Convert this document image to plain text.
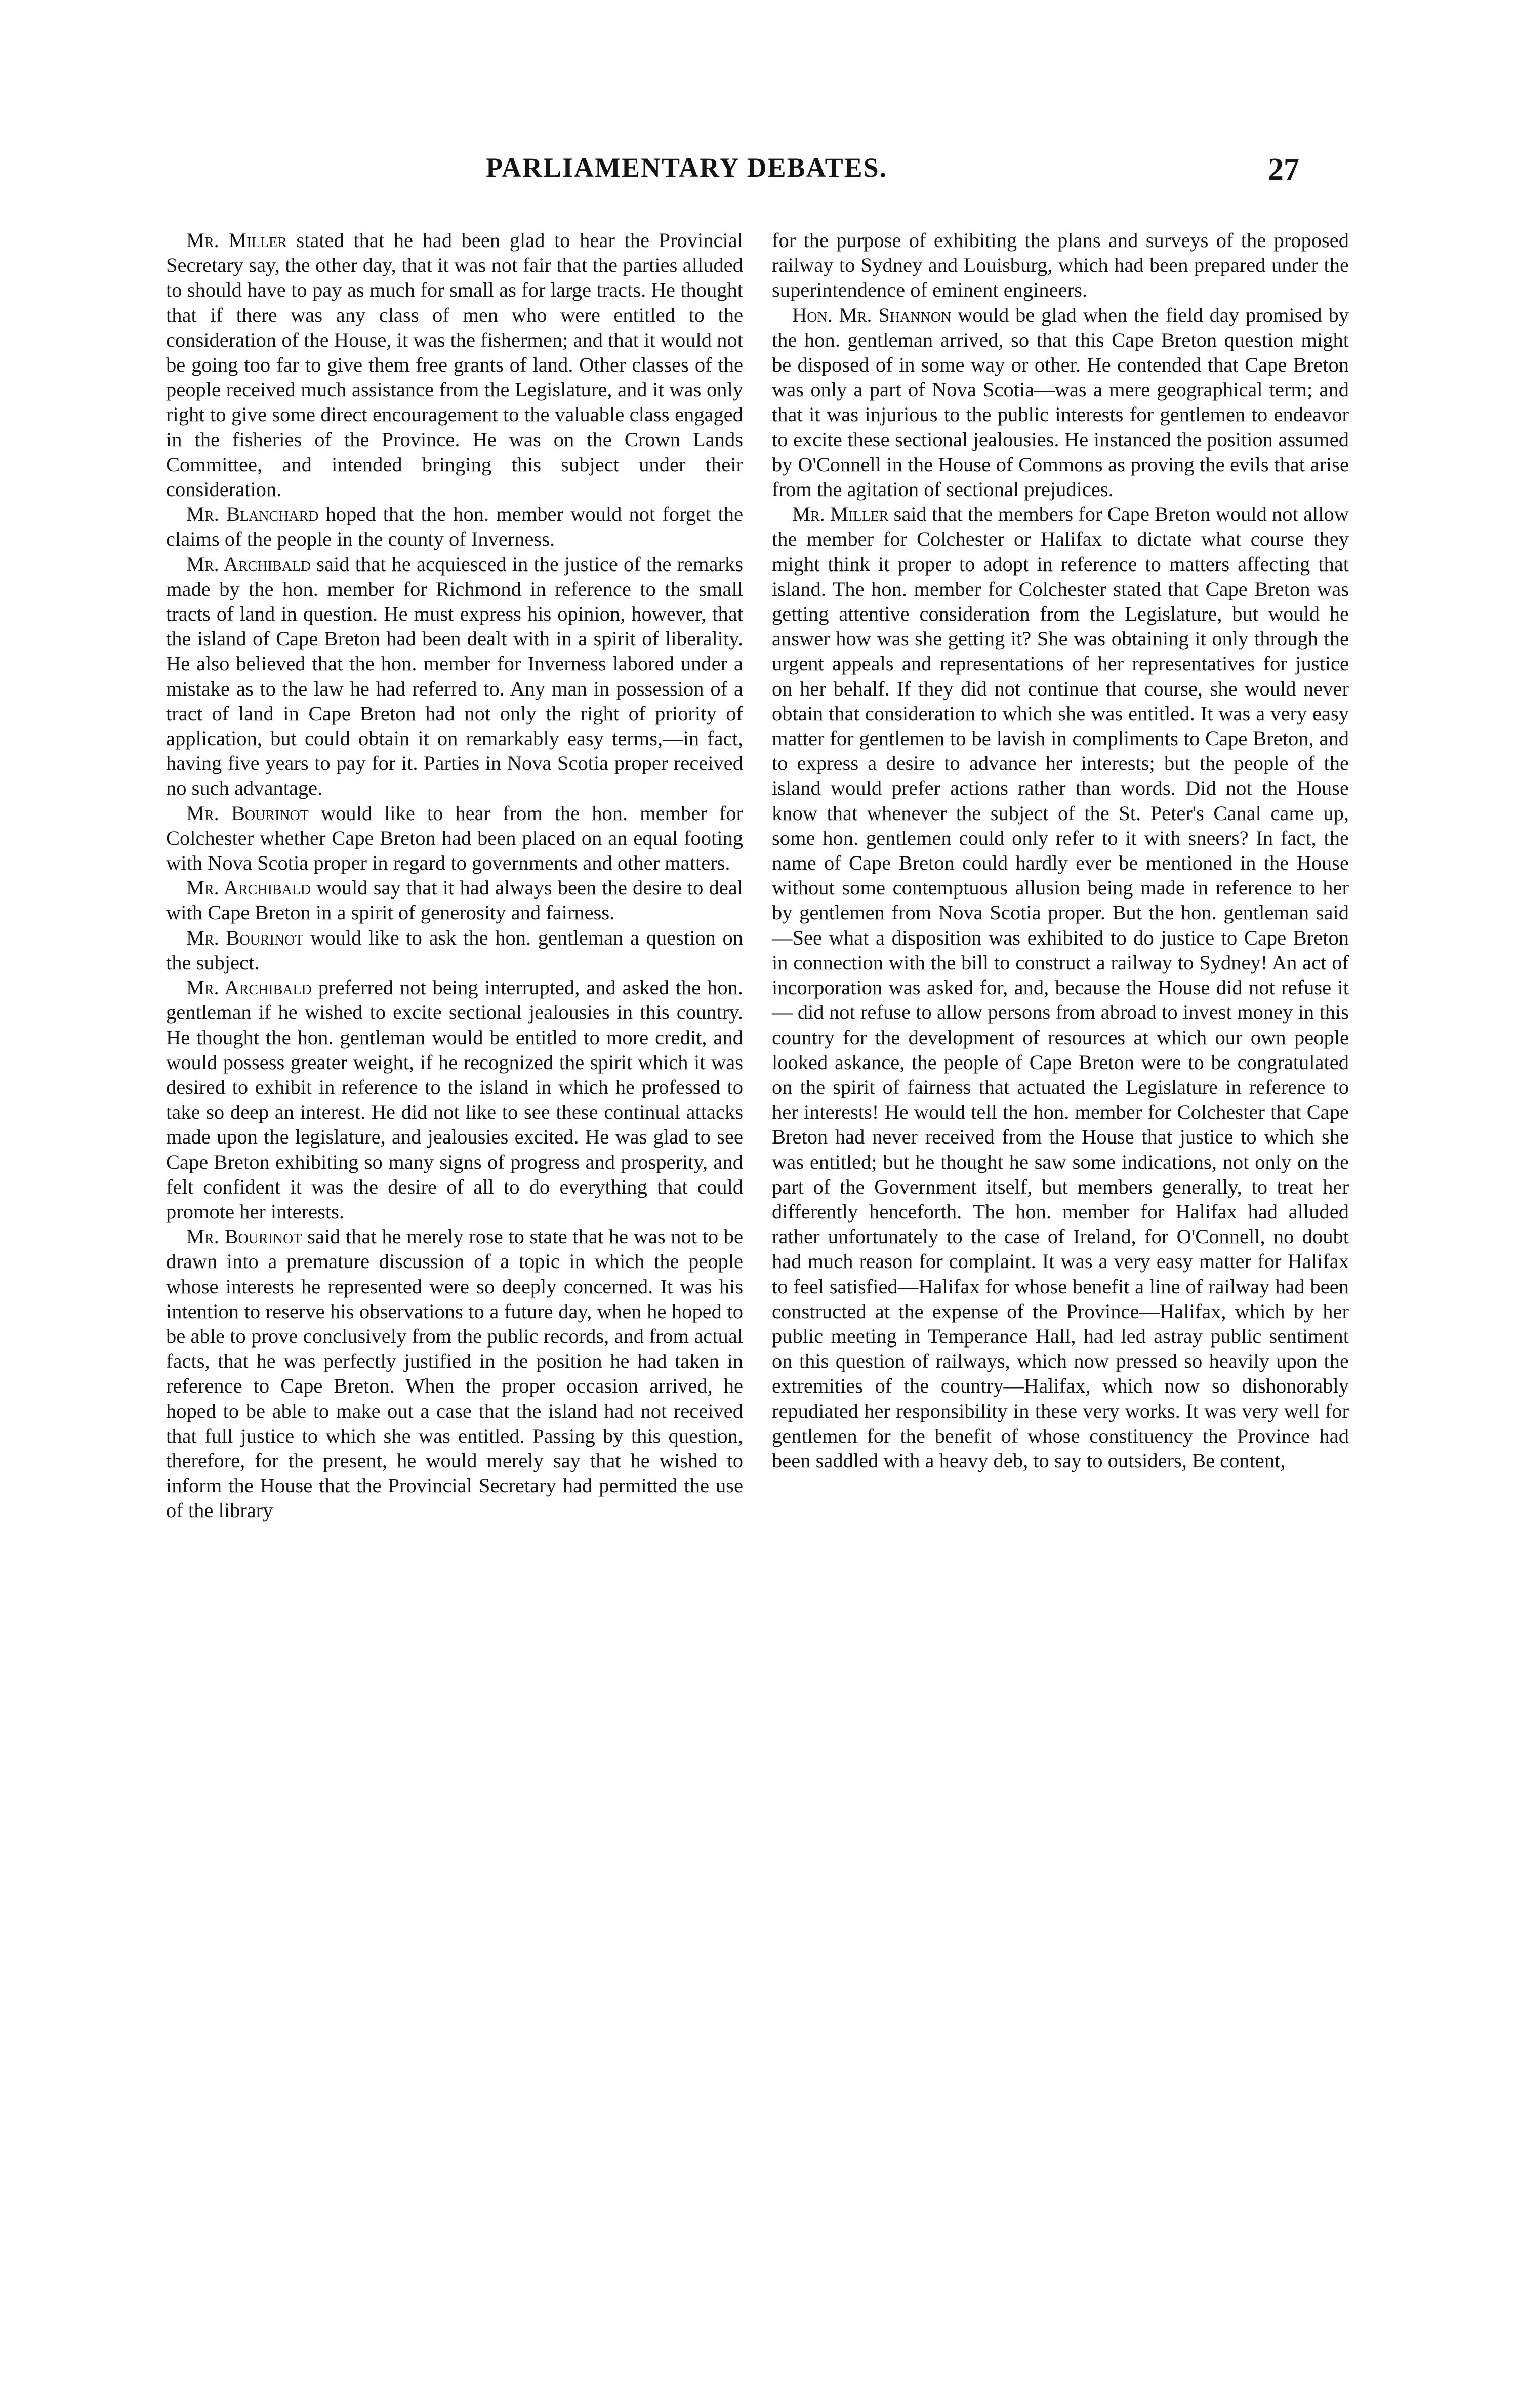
PARLIAMENTARY DEBATES.	27

Mr. Miller stated that he had been glad to hear the Provincial Secretary say, the other day, that it was not fair that the parties alluded to should have to pay as much for small as for large tracts. He thought that if there was any class of men who were entitled to the consideration of the House, it was the fishermen; and that it would not be going too far to give them free grants of land. Other classes of the people received much assistance from the Legislature, and it was only right to give some direct encouragement to the valuable class engaged in the fisheries of the Province. He was on the Crown Lands Committee, and intended bringing this subject under their consideration.

Mr. Blanchard hoped that the hon. member would not forget the claims of the people in the county of Inverness.

Mr. Archibald said that he acquiesced in the justice of the remarks made by the hon. member for Richmond in reference to the small tracts of land in question. He must express his opinion, however, that the island of Cape Breton had been dealt with in a spirit of liberality. He also believed that the hon. member for Inverness labored under a mistake as to the law he had referred to. Any man in possession of a tract of land in Cape Breton had not only the right of priority of application, but could obtain it on remarkably easy terms,—in fact, having five years to pay for it. Parties in Nova Scotia proper received no such advantage.

Mr. Bourinot would like to hear from the hon. member for Colchester whether Cape Breton had been placed on an equal footing with Nova Scotia proper in regard to governments and other matters.

Mr. Archibald would say that it had always been the desire to deal with Cape Breton in a spirit of generosity and fairness.

Mr. Bourinot would like to ask the hon. gentleman a question on the subject.

Mr. Archibald preferred not being interrupted, and asked the hon. gentleman if he wished to excite sectional jealousies in this country. He thought the hon. gentleman would be entitled to more credit, and would possess greater weight, if he recognized the spirit which it was desired to exhibit in reference to the island in which he professed to take so deep an interest. He did not like to see these continual attacks made upon the legislature, and jealousies excited. He was glad to see Cape Breton exhibiting so many signs of progress and prosperity, and felt confident it was the desire of all to do everything that could promote her interests.

Mr. Bourinot said that he merely rose to state that he was not to be drawn into a premature discussion of a topic in which the people whose interests he represented were so deeply concerned. It was his intention to reserve his observations to a future day, when he hoped to be able to prove conclusively from the public records, and from actual facts, that he was perfectly justified in the position he had taken in reference to Cape Breton. When the proper occasion arrived, he hoped to be able to make out a case that the island had not received that full justice to which she was entitled. Passing by this question, therefore, for the present, he would merely say that he wished to inform the House that the Provincial Secretary had permitted the use of the library

for the purpose of exhibiting the plans and surveys of the proposed railway to Sydney and Louisburg, which had been prepared under the superintendence of eminent engineers.

Hon. Mr. Shannon would be glad when the field day promised by the hon. gentleman arrived, so that this Cape Breton question might be disposed of in some way or other. He contended that Cape Breton was only a part of Nova Scotia—was a mere geographical term; and that it was injurious to the public interests for gentlemen to endeavor to excite these sectional jealousies. He instanced the position assumed by O'Connell in the House of Commons as proving the evils that arise from the agitation of sectional prejudices.

Mr. Miller said that the members for Cape Breton would not allow the member for Colchester or Halifax to dictate what course they might think it proper to adopt in reference to matters affecting that island. The hon. member for Colchester stated that Cape Breton was getting attentive consideration from the Legislature, but would he answer how was she getting it? She was obtaining it only through the urgent appeals and representations of her representatives for justice on her behalf. If they did not continue that course, she would never obtain that consideration to which she was entitled. It was a very easy matter for gentlemen to be lavish in compliments to Cape Breton, and to express a desire to advance her interests; but the people of the island would prefer actions rather than words. Did not the House know that whenever the subject of the St. Peter's Canal came up, some hon. gentlemen could only refer to it with sneers? In fact, the name of Cape Breton could hardly ever be mentioned in the House without some contemptuous allusion being made in reference to her by gentlemen from Nova Scotia proper. But the hon. gentleman said—See what a disposition was exhibited to do justice to Cape Breton in connection with the bill to construct a railway to Sydney! An act of incorporation was asked for, and, because the House did not refuse it — did not refuse to allow persons from abroad to invest money in this country for the development of resources at which our own people looked askance, the people of Cape Breton were to be congratulated on the spirit of fairness that actuated the Legislature in reference to her interests! He would tell the hon. member for Colchester that Cape Breton had never received from the House that justice to which she was entitled; but he thought he saw some indications, not only on the part of the Government itself, but members generally, to treat her differently henceforth. The hon. member for Halifax had alluded rather unfortunately to the case of Ireland, for O'Connell, no doubt had much reason for complaint. It was a very easy matter for Halifax to feel satisfied—Halifax for whose benefit a line of railway had been constructed at the expense of the Province—Halifax, which by her public meeting in Temperance Hall, had led astray public sentiment on this question of railways, which now pressed so heavily upon the extremities of the country—Halifax, which now so dishonorably repudiated her responsibility in these very works. It was very well for gentlemen for the benefit of whose constituency the Province had been saddled with a heavy deb, to say to outsiders, Be content,
